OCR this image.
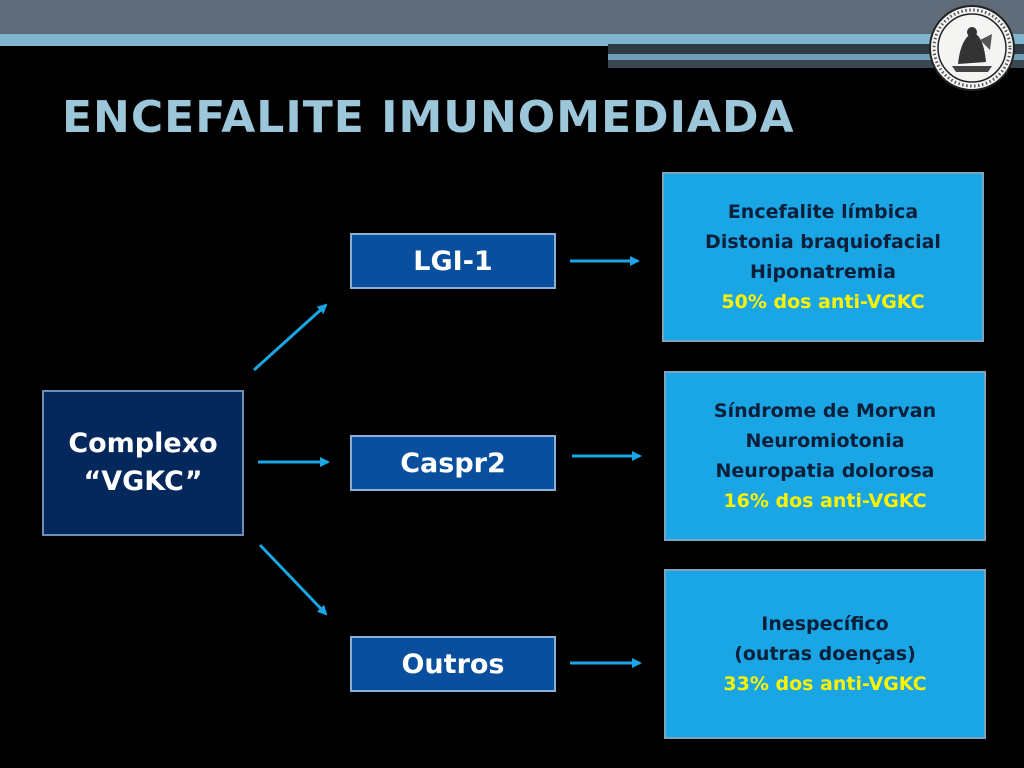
ENCEFALITE IMUNOMEDIADA
Complexo
“VGKC”
LGI-1
Caspr2
Outros
Encefalite límbica
Distonia braquiofacial
Hiponatremia
50% dos anti-VGKC
Síndrome de Morvan
Neuromiotonia
Neuropatia dolorosa
16% dos anti-VGKC
Inespecífico
(outras doenças)
33% dos anti-VGKC
